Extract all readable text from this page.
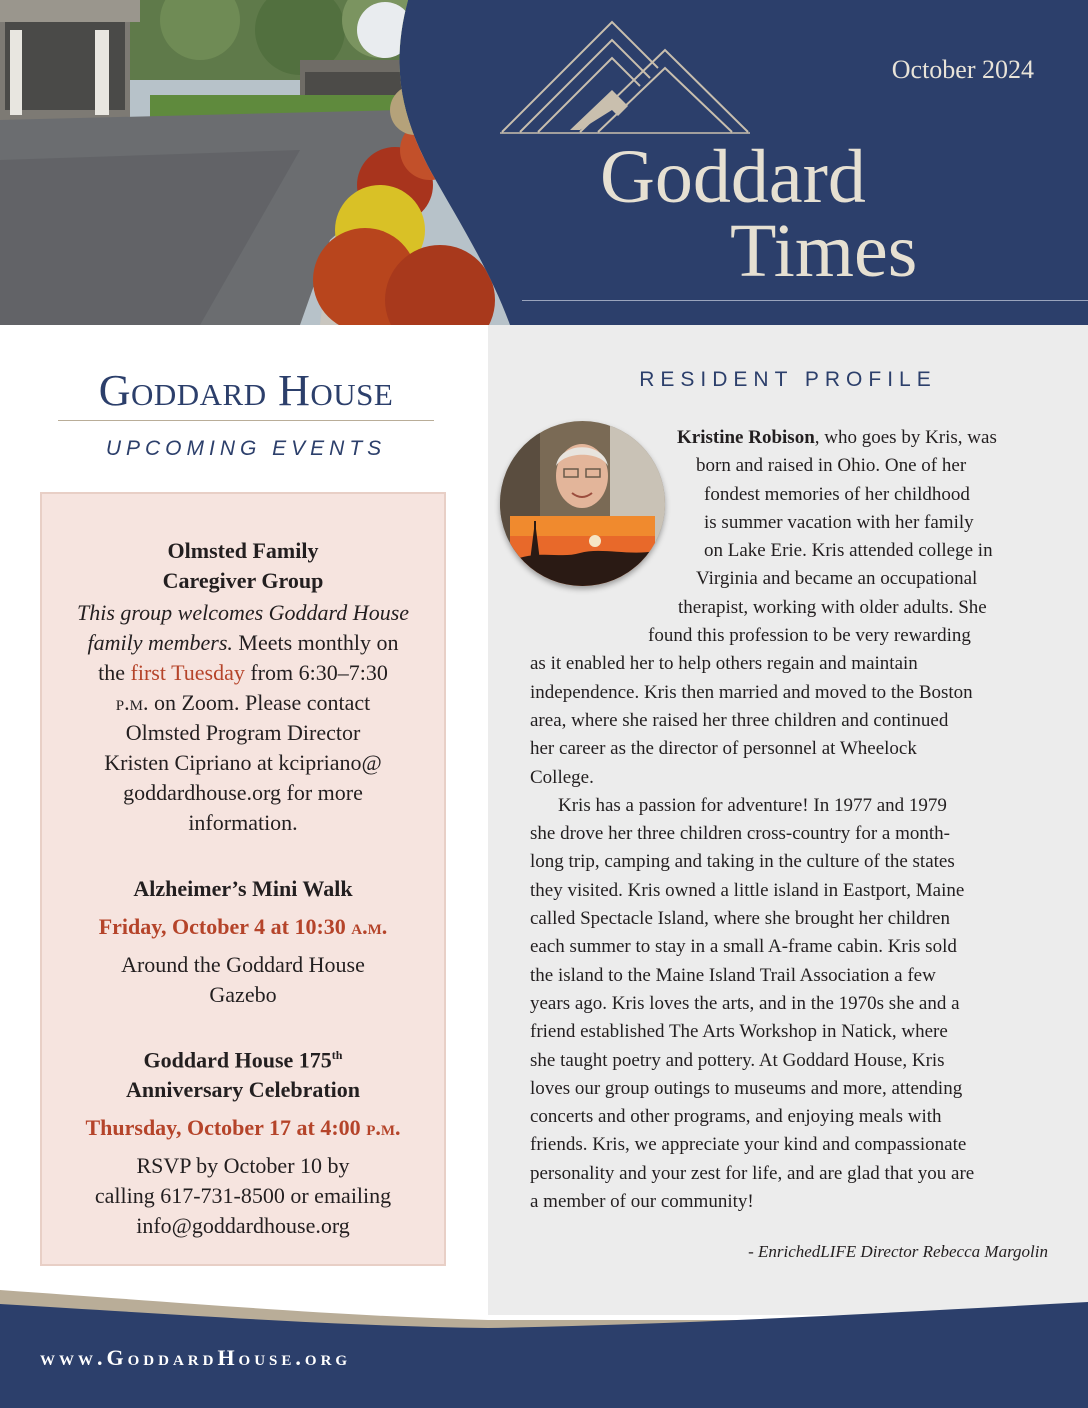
October 2024
Goddard
Times
Goddard House
UPCOMING EVENTS
Olmsted Family
Caregiver Group
This group welcomes Goddard House
family members. Meets monthly on
the first Tuesday from 6:30–7:30
p.m. on Zoom. Please contact
Olmsted Program Director
Kristen Cipriano at kcipriano@
goddardhouse.org for more
information.
Alzheimer’s Mini Walk
Friday, October 4 at 10:30 a.m.
Around the Goddard House
Gazebo
Goddard House 175th
Anniversary Celebration
Thursday, October 17 at 4:00 p.m.
RSVP by October 10 by
calling 617-731-8500 or emailing
info@goddardhouse.org
RESIDENT PROFILE
Kristine Robison, who goes by Kris, was
born and raised in Ohio. One of her
fondest memories of her childhood
is summer vacation with her family
on Lake Erie. Kris attended college in
Virginia and became an occupational
therapist, working with older adults. She
found this profession to be very rewarding
as it enabled her to help others regain and maintain
independence. Kris then married and moved to the Boston
area, where she raised her three children and continued
her career as the director of personnel at Wheelock
College.
Kris has a passion for adventure! In 1977 and 1979
she drove her three children cross-country for a month-
long trip, camping and taking in the culture of the states
they visited. Kris owned a little island in Eastport, Maine
called Spectacle Island, where she brought her children
each summer to stay in a small A-frame cabin. Kris sold
the island to the Maine Island Trail Association a few
years ago. Kris loves the arts, and in the 1970s she and a
friend established The Arts Workshop in Natick, where
she taught poetry and pottery. At Goddard House, Kris
loves our group outings to museums and more, attending
concerts and other programs, and enjoying meals with
friends. Kris, we appreciate your kind and compassionate
personality and your zest for life, and are glad that you are
a member of our community!
- EnrichedLIFE Director Rebecca Margolin
www.GoddardHouse.org
